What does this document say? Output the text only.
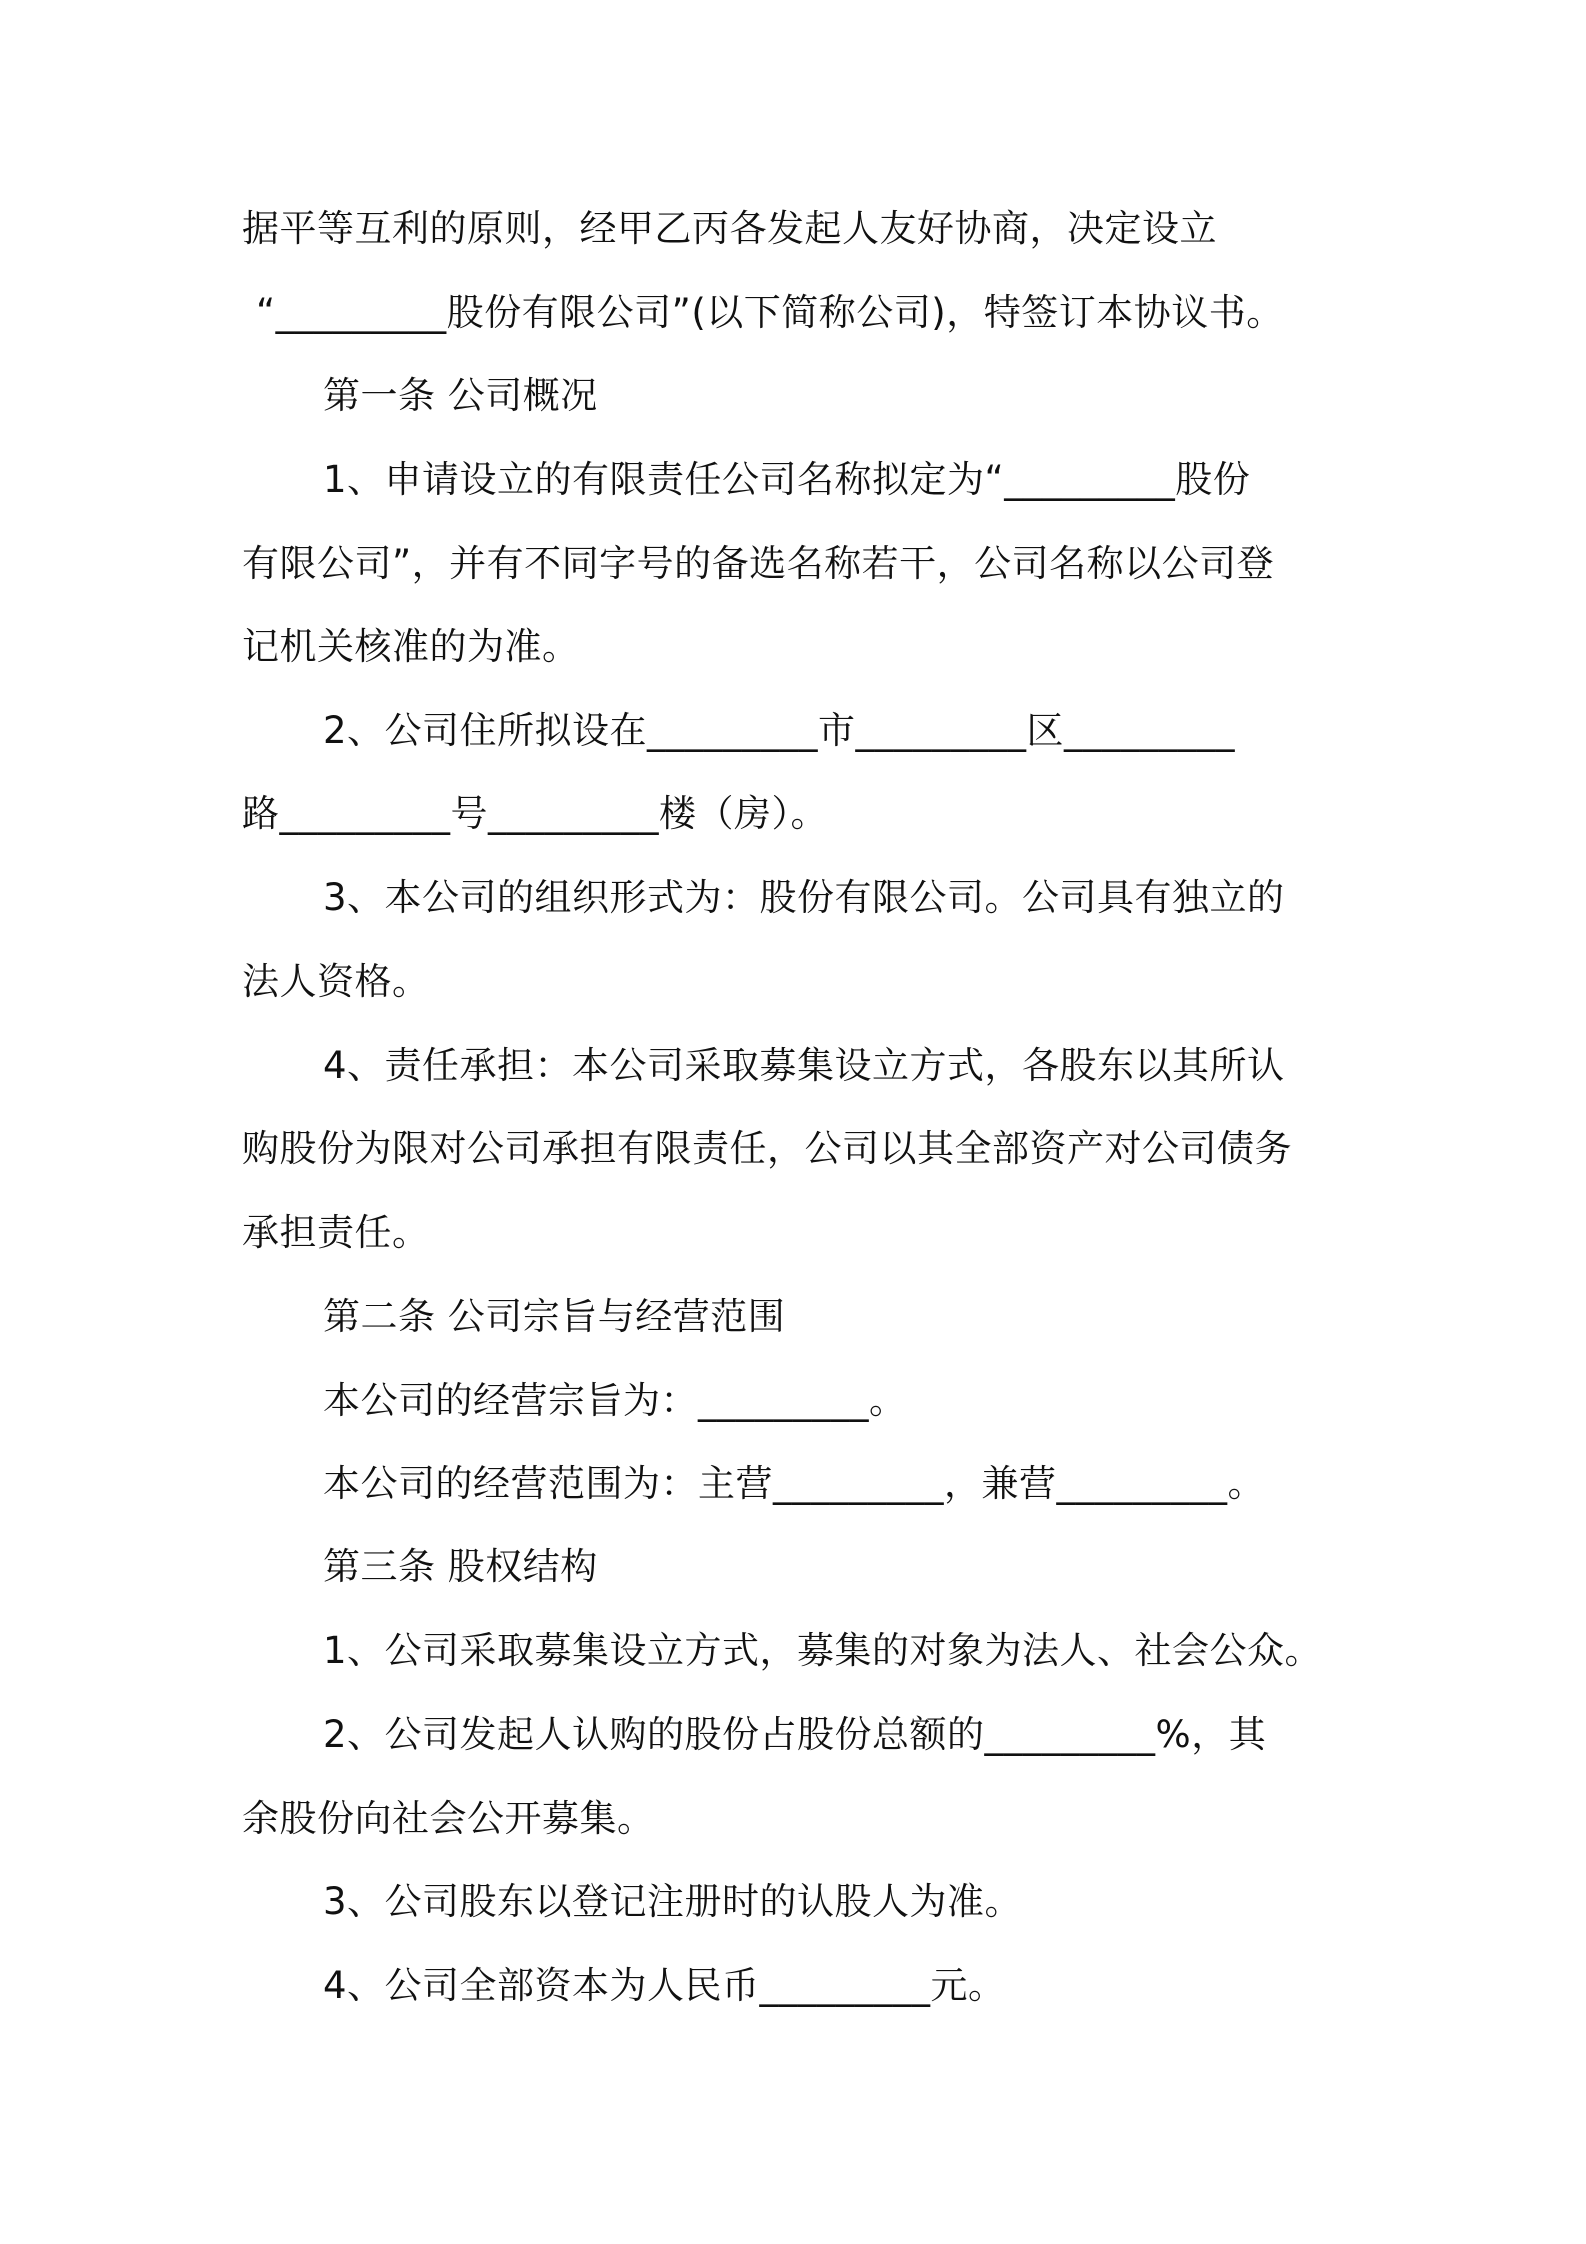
据平等互利的原则，经甲乙丙各发起人友好协商，决定设立
“_________股份有限公司”(以下简称公司)，特签订本协议书。
第一条 公司概况
1、申请设立的有限责任公司名称拟定为“_________股份
有限公司”，并有不同字号的备选名称若干，公司名称以公司登
记机关核准的为准。
2、公司住所拟设在_________市_________区_________
路_________号_________楼（房）。
3、本公司的组织形式为：股份有限公司。公司具有独立的
法人资格。
4、责任承担：本公司采取募集设立方式，各股东以其所认
购股份为限对公司承担有限责任，公司以其全部资产对公司债务
承担责任。
第二条 公司宗旨与经营范围
本公司的经营宗旨为：_________。
本公司的经营范围为：主营_________，兼营_________。
第三条 股权结构
1、公司采取募集设立方式，募集的对象为法人、社会公众。
2、公司发起人认购的股份占股份总额的_________%，其
余股份向社会公开募集。
3、公司股东以登记注册时的认股人为准。
4、公司全部资本为人民币_________元。
